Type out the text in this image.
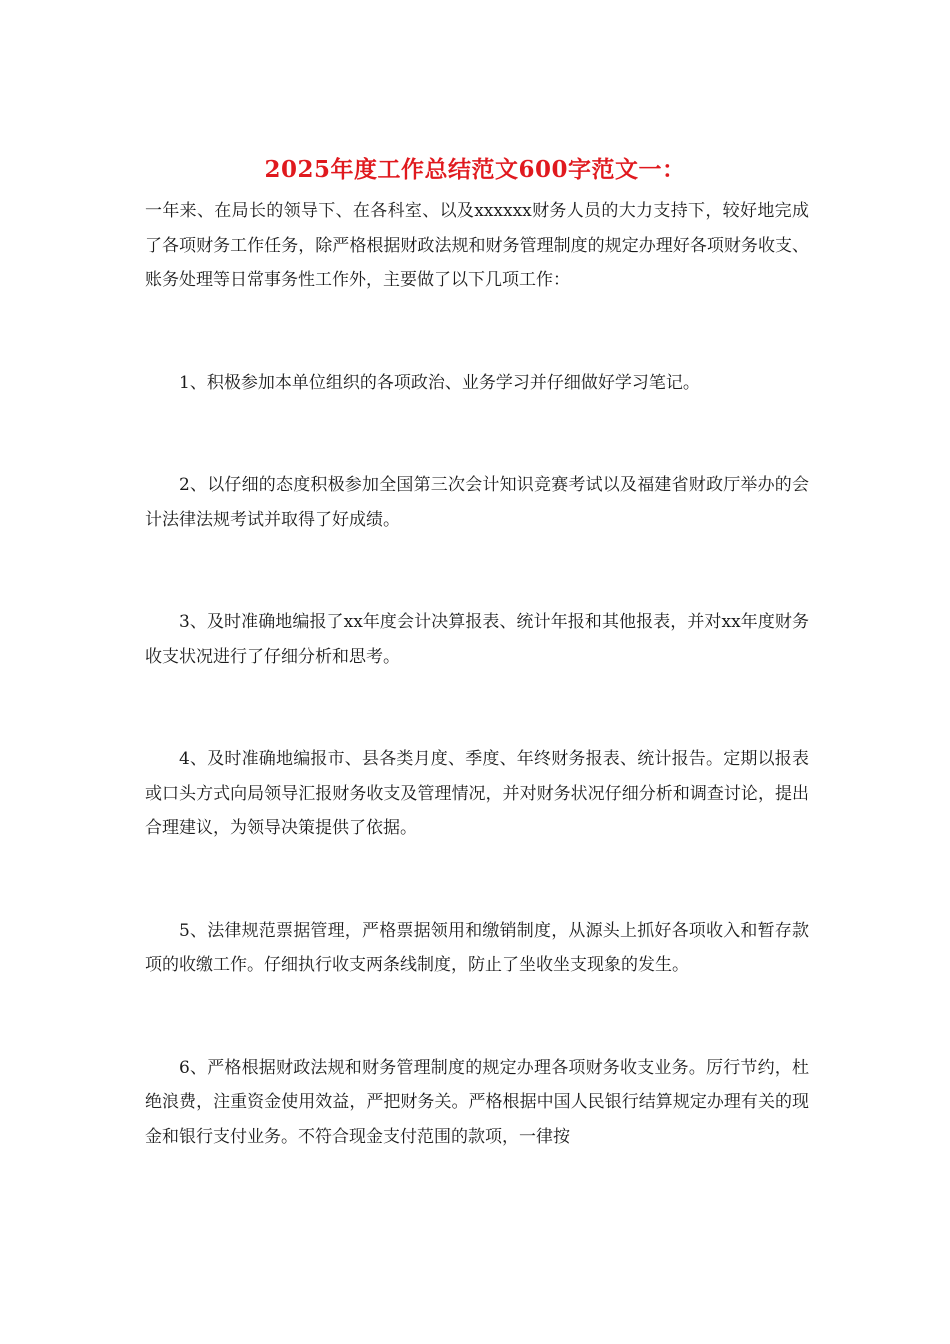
2025年度工作总结范文600字范文一：

一年来、在局长的领导下、在各科室、以及xxxxxx财务人员的大力支持下，较好地完成了各项财务工作任务，除严格根据财政法规和财务管理制度的规定办理好各项财务收支、账务处理等日常事务性工作外，主要做了以下几项工作：

1、积极参加本单位组织的各项政治、业务学习并仔细做好学习笔记。

2、以仔细的态度积极参加全国第三次会计知识竞赛考试以及福建省财政厅举办的会计法律法规考试并取得了好成绩。

3、及时准确地编报了xx年度会计决算报表、统计年报和其他报表，并对xx年度财务收支状况进行了仔细分析和思考。

4、及时准确地编报市、县各类月度、季度、年终财务报表、统计报告。定期以报表或口头方式向局领导汇报财务收支及管理情况，并对财务状况仔细分析和调查讨论，提出合理建议，为领导决策提供了依据。

5、法律规范票据管理，严格票据领用和缴销制度，从源头上抓好各项收入和暂存款项的收缴工作。仔细执行收支两条线制度，防止了坐收坐支现象的发生。

6、严格根据财政法规和财务管理制度的规定办理各项财务收支业务。厉行节约，杜绝浪费，注重资金使用效益，严把财务关。严格根据中国人民银行结算规定办理有关的现金和银行支付业务。不符合现金支付范围的款项，一律按
